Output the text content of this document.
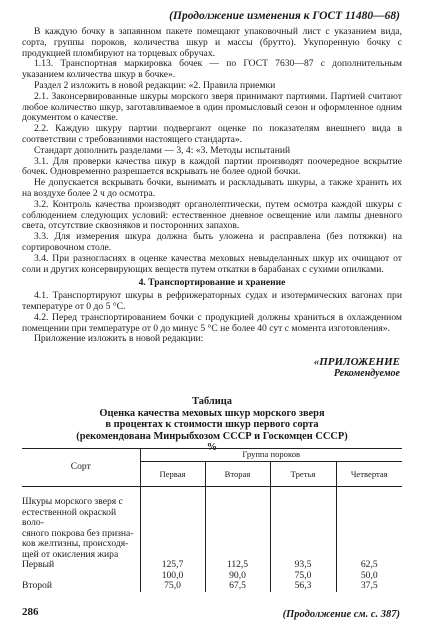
(Продолжение изменения к ГОСТ 11480—68)

В каждую бочку в запаянном пакете помещают упаковочный лист с указанием вида, сорта, группы пороков, количества шкур и массы (брутто). Укупоренную бочку с продукцией пломбируют на торцевых обручах.

1.13. Транспортная маркировка бочек — по ГОСТ 7630—87 с дополнительным указанием количества шкур в бочке».

Раздел 2 изложить в новой редакции: «2. Правила приемки

2.1. Законсервированные шкуры морского зверя принимают партиями. Партией считают любое количество шкур, заготавливаемое в один промысловый сезон и оформленное одним документом о качестве.

2.2. Каждую шкуру партии подвергают оценке по показателям внешнего вида в соответствии с требованиями настоящего стандарта».

Стандарт дополнить разделами — 3, 4: «3. Методы испытаний

3.1. Для проверки качества шкур в каждой партии производят поочередное вскрытие бочек. Одновременно разрешается вскрывать не более одной бочки.

Не допускается вскрывать бочки, вынимать и раскладывать шкуры, а также хранить их на воздухе более 2 ч до осмотра.

3.2. Контроль качества производят органолептически, путем осмотра каждой шкуры с соблюдением следующих условий: естественное дневное освещение или лампы дневного света, отсутствие сквозняков и посторонних запахов.

3.3. Для измерения шкура должна быть уложена и расправлена (без потяжки) на сортировочном столе.

3.4. При разногласиях в оценке качества меховых невыделанных шкур их очищают от соли и других консервирующих веществ путем откатки в барабанах с сухими опилками.

4. Транспортирование и хранение

4.1. Транспортируют шкуры в рефрижераторных судах и изотермических вагонах при температуре от 0 до 5 °С.

4.2. Перед транспортированием бочки с продукцией должны храниться в охлажденном помещении при температуре от 0 до минус 5 °С не более 40 сут с момента изготовления».

Приложение изложить в новой редакции:

«ПРИЛОЖЕНИЕ
Рекомендуемое
Таблица
Оценка качества меховых шкур морского зверя
в процентах к стоимости шкур первого сорта
(рекомендована Минрыбхозом СССР и Госкомцен СССР)
%
Сорт	Группа пороков			
	Первая	Вторая	Третья	Четвертая

Шкуры морского зверя с
естественной окраской воло-
сяного покрова без призна-
ков желтизны, происходя-
щей от окисления жира				

Первый	125,7	112,5	93,5	62,5
	100,0	90,0	75,0	50,0
Второй	75,0	67,5	56,3	37,5
286	(Продолжение см. с. 387)
